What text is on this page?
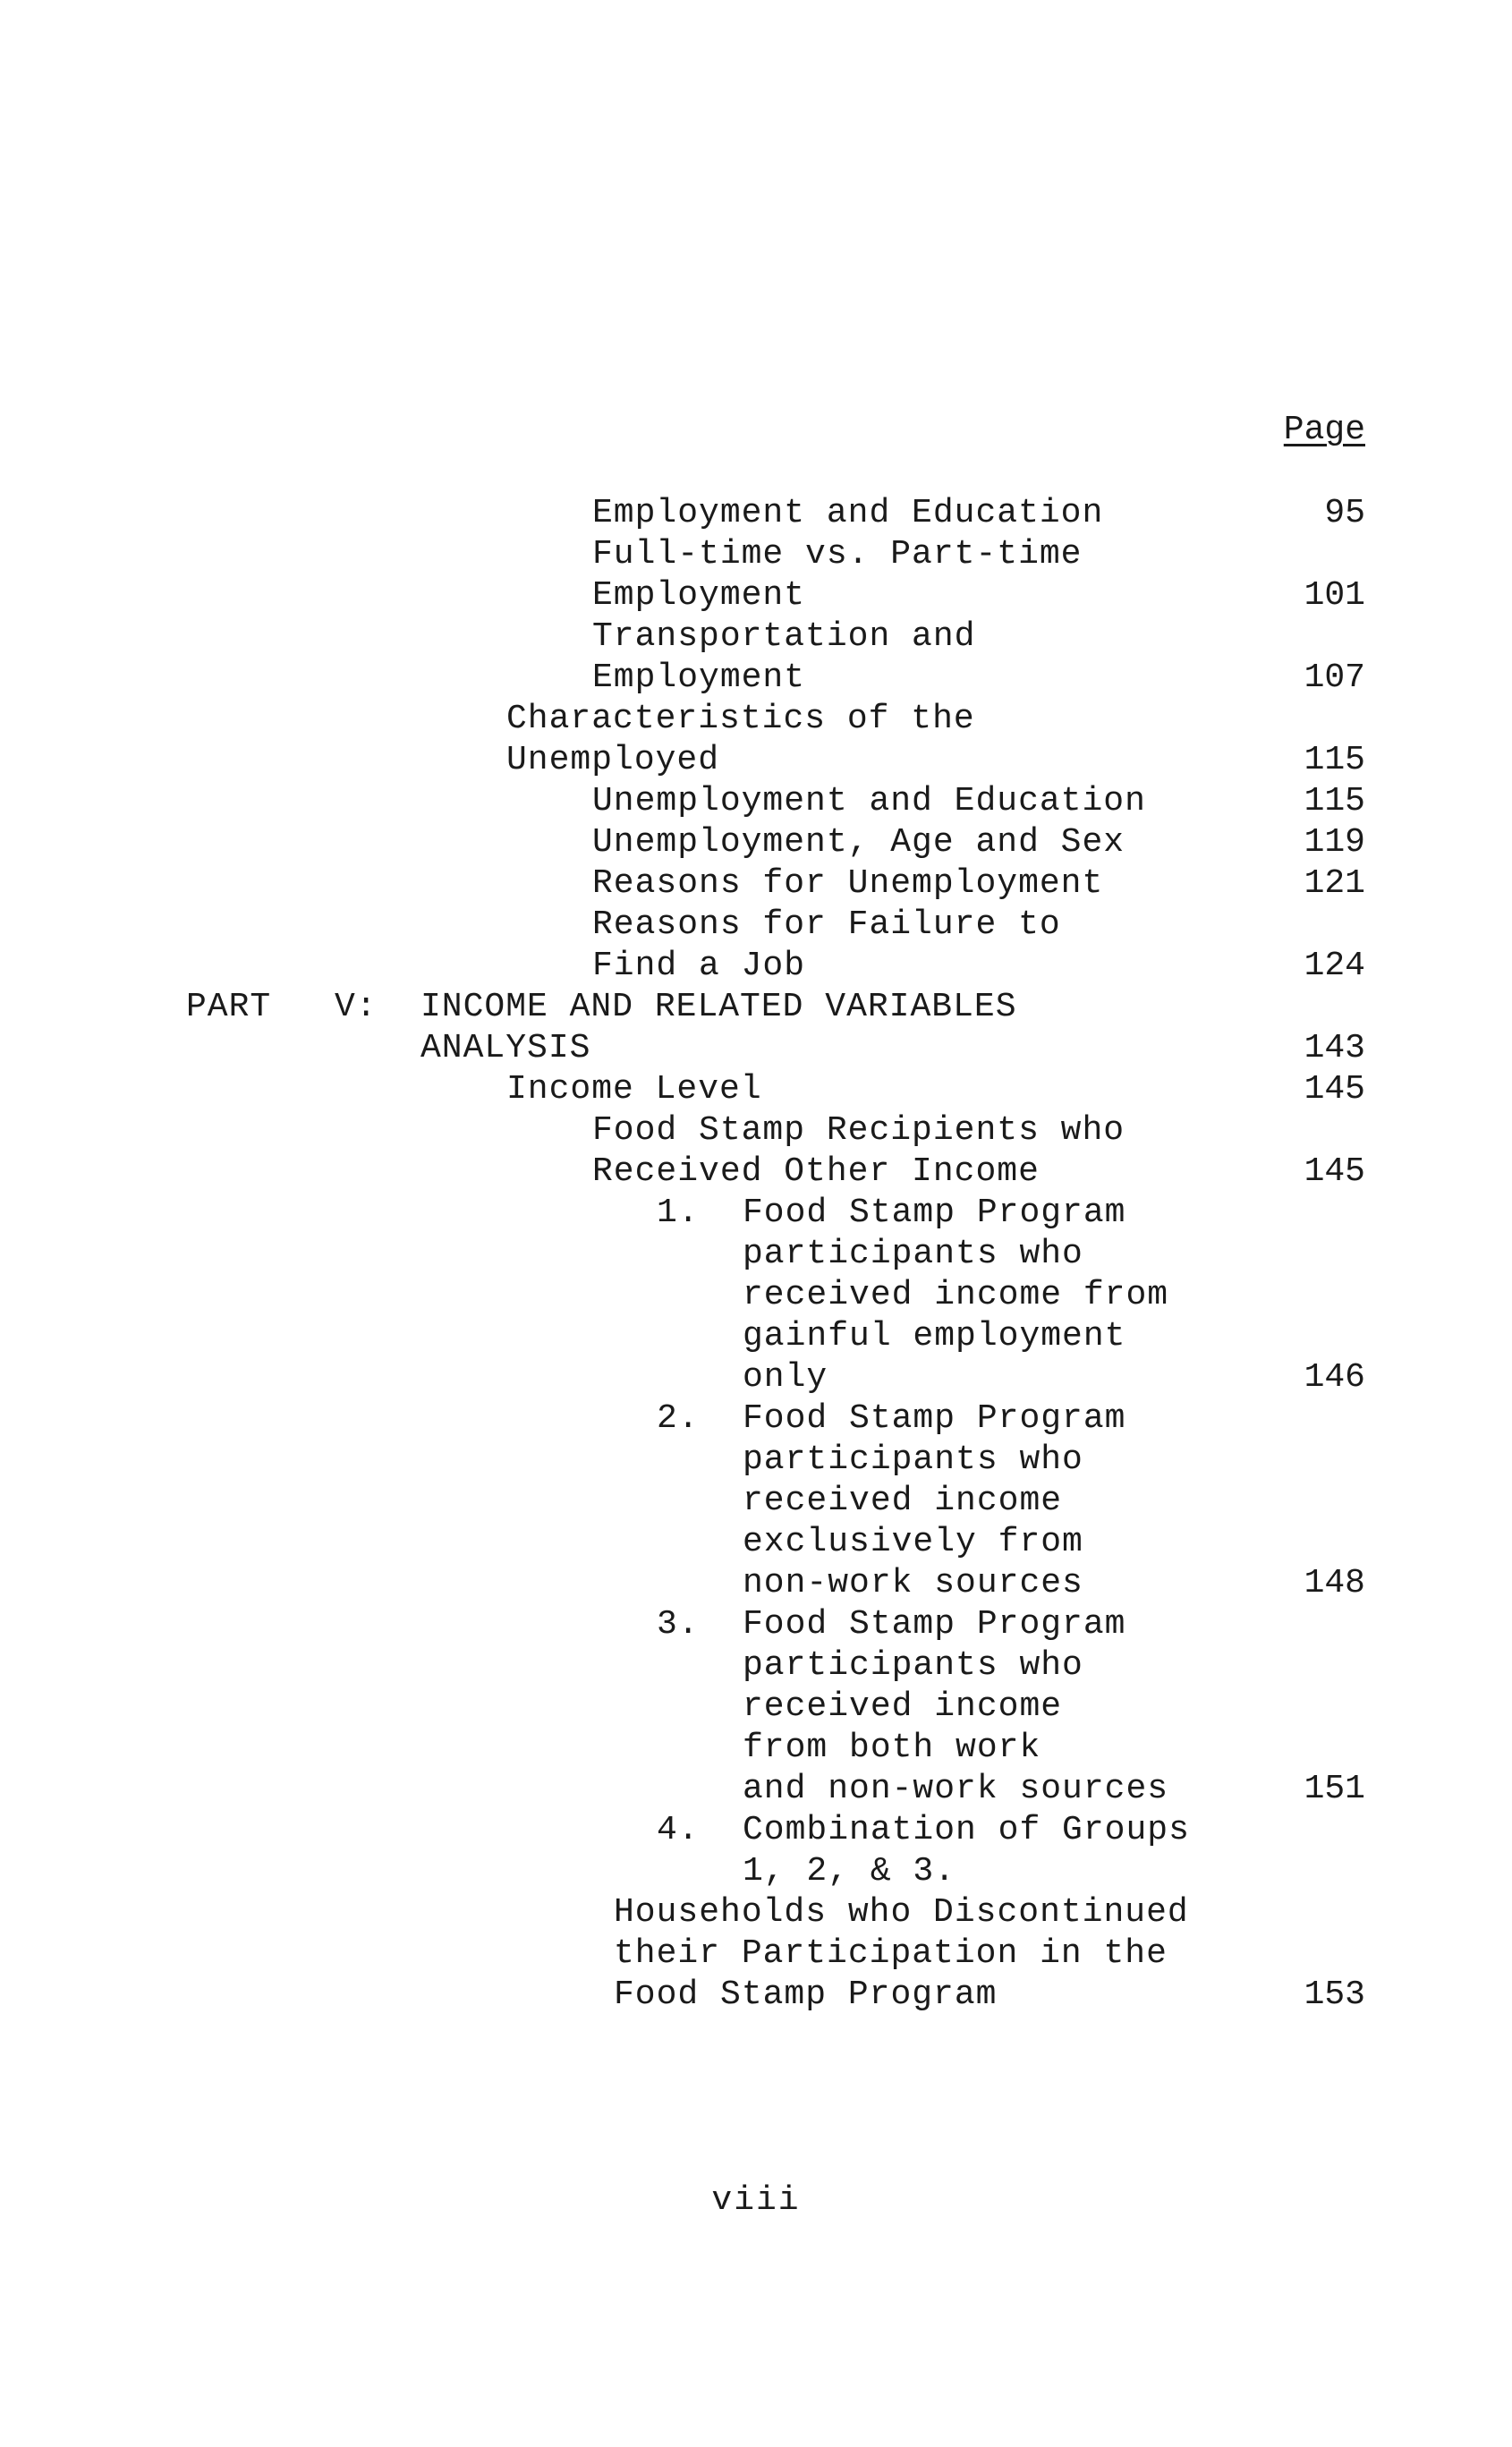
Page
Employment and Education	95
Full-time vs. Part-time
Employment	101
Transportation and
Employment	107
Characteristics of the
Unemployed	115
Unemployment and Education	115
Unemployment, Age and Sex	119
Reasons for Unemployment	121
Reasons for Failure to
Find a Job	124
PART V: INCOME AND RELATED VARIABLES
ANALYSIS	143
Income Level	145
Food Stamp Recipients who
Received Other Income	145
1. Food Stamp Program
participants who
received income from
gainful employment
only	146
2. Food Stamp Program
participants who
received income
exclusively from
non-work sources	148
3. Food Stamp Program
participants who
received income
from both work
and non-work sources	151
4. Combination of Groups
1, 2, & 3.
Households who Discontinued
their Participation in the
Food Stamp Program	153
viii
